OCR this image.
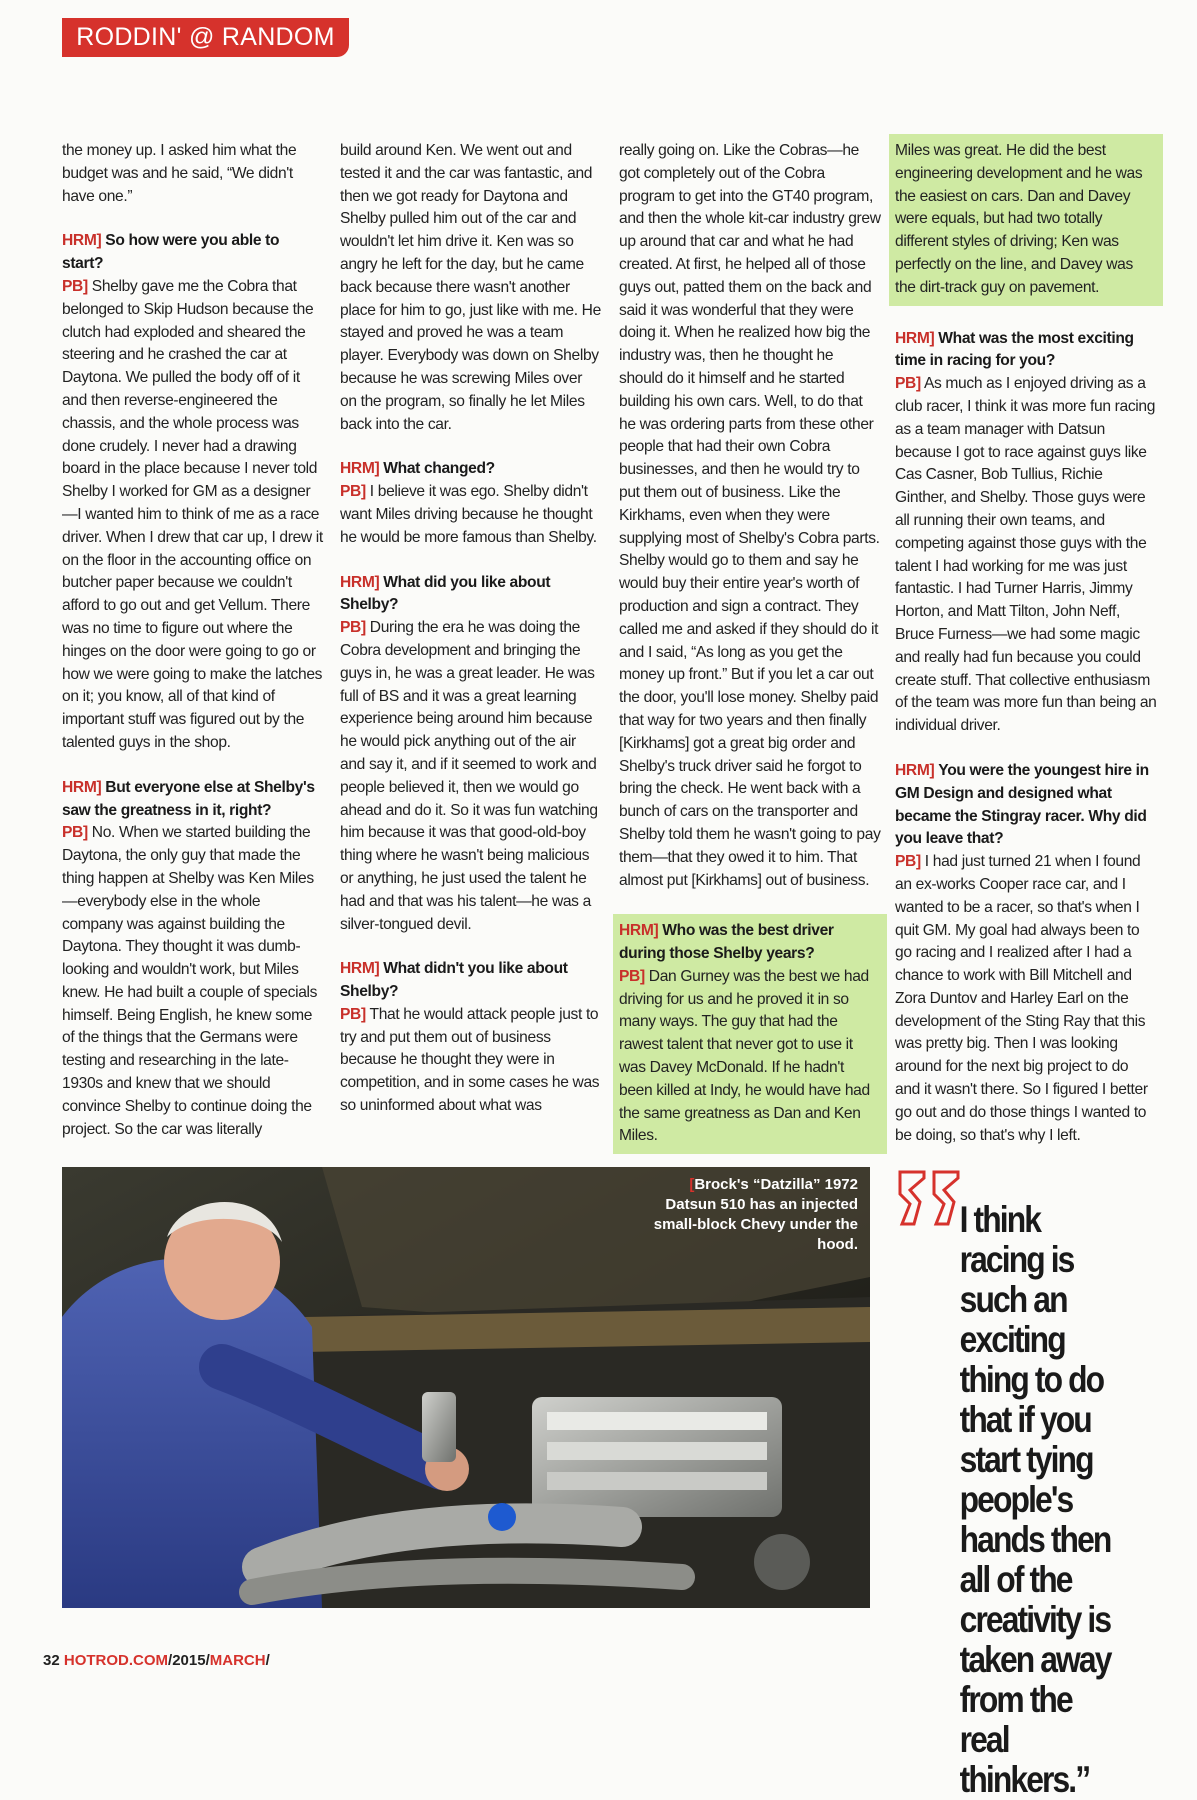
RODDIN' @ RANDOM

the money up. I asked him what the budget was and he said, “We didn't have one.”

HRM] So how were you able to start?

PB] Shelby gave me the Cobra that belonged to Skip Hudson because the clutch had exploded and sheared the steering and he crashed the car at Daytona. We pulled the body off of it and then reverse-engineered the chassis, and the whole process was done crudely. I never had a drawing board in the place because I never told Shelby I worked for GM as a designer—I wanted him to think of me as a race driver. When I drew that car up, I drew it on the floor in the accounting office on butcher paper because we couldn't afford to go out and get Vellum. There was no time to figure out where the hinges on the door were going to go or how we were going to make the latches on it; you know, all of that kind of important stuff was figured out by the talented guys in the shop.

HRM] But everyone else at Shelby's saw the greatness in it, right?

PB] No. When we started building the Daytona, the only guy that made the thing happen at Shelby was Ken Miles—everybody else in the whole company was against building the Daytona. They thought it was dumb-looking and wouldn't work, but Miles knew. He had built a couple of specials himself. Being English, he knew some of the things that the Germans were testing and researching in the late-1930s and knew that we should convince Shelby to continue doing the project. So the car was literally

build around Ken. We went out and tested it and the car was fantastic, and then we got ready for Daytona and Shelby pulled him out of the car and wouldn't let him drive it. Ken was so angry he left for the day, but he came back because there wasn't another place for him to go, just like with me. He stayed and proved he was a team player. Everybody was down on Shelby because he was screwing Miles over on the program, so finally he let Miles back into the car.

HRM] What changed?

PB] I believe it was ego. Shelby didn't want Miles driving because he thought he would be more famous than Shelby.

HRM] What did you like about Shelby?

PB] During the era he was doing the Cobra development and bringing the guys in, he was a great leader. He was full of BS and it was a great learning experience being around him because he would pick anything out of the air and say it, and if it seemed to work and people believed it, then we would go ahead and do it. So it was fun watching him because it was that good-old-boy thing where he wasn't being malicious or anything, he just used the talent he had and that was his talent—he was a silver-tongued devil.

HRM] What didn't you like about Shelby?

PB] That he would attack people just to try and put them out of business because he thought they were in competition, and in some cases he was so uninformed about what was

really going on. Like the Cobras—he got completely out of the Cobra program to get into the GT40 program, and then the whole kit-car industry grew up around that car and what he had created. At first, he helped all of those guys out, patted them on the back and said it was wonderful that they were doing it. When he realized how big the industry was, then he thought he should do it himself and he started building his own cars. Well, to do that he was ordering parts from these other people that had their own Cobra businesses, and then he would try to put them out of business. Like the Kirkhams, even when they were supplying most of Shelby's Cobra parts. Shelby would go to them and say he would buy their entire year's worth of production and sign a contract. They called me and asked if they should do it and I said, “As long as you get the money up front.” But if you let a car out the door, you'll lose money. Shelby paid that way for two years and then finally [Kirkhams] got a great big order and Shelby's truck driver said he forgot to bring the check. He went back with a bunch of cars on the transporter and Shelby told them he wasn't going to pay them—that they owed it to him. That almost put [Kirkhams] out of business.

HRM] Who was the best driver during those Shelby years?
PB] Dan Gurney was the best we had driving for us and he proved it in so many ways. The guy that had the rawest talent that never got to use it was Davey McDonald. If he hadn't been killed at Indy, he would have had the same greatness as Dan and Ken Miles.
Miles was great. He did the best engineering development and he was the easiest on cars. Dan and Davey were equals, but had two totally different styles of driving; Ken was perfectly on the line, and Davey was the dirt-track guy on pavement.

HRM] What was the most exciting time in racing for you?

PB] As much as I enjoyed driving as a club racer, I think it was more fun racing as a team manager with Datsun because I got to race against guys like Cas Casner, Bob Tullius, Richie Ginther, and Shelby. Those guys were all running their own teams, and competing against those guys with the talent I had working for me was just fantastic. I had Turner Harris, Jimmy Horton, and Matt Tilton, John Neff, Bruce Furness—we had some magic and really had fun because you could create stuff. That collective enthusiasm of the team was more fun than being an individual driver.

HRM] You were the youngest hire in GM Design and designed what became the Stingray racer. Why did you leave that?

PB] I had just turned 21 when I found an ex-works Cooper race car, and I wanted to be a racer, so that's when I quit GM. My goal had always been to go racing and I realized after I had a chance to work with Bill Mitchell and Zora Duntov and Harley Earl on the development of the Sting Ray that this was pretty big. Then I was looking around for the next big project to do and it wasn't there. So I figured I better go out and do those things I wanted to be doing, so that's why I left.

[Brock's “Datzilla” 1972 Datsun 510 has an injected small-block Chevy under the hood.
I think racing is such an exciting thing to do that if you start tying people's hands then all of the creativity is taken away from the real thinkers.”
32 HOTROD.COM/2015/MARCH/
